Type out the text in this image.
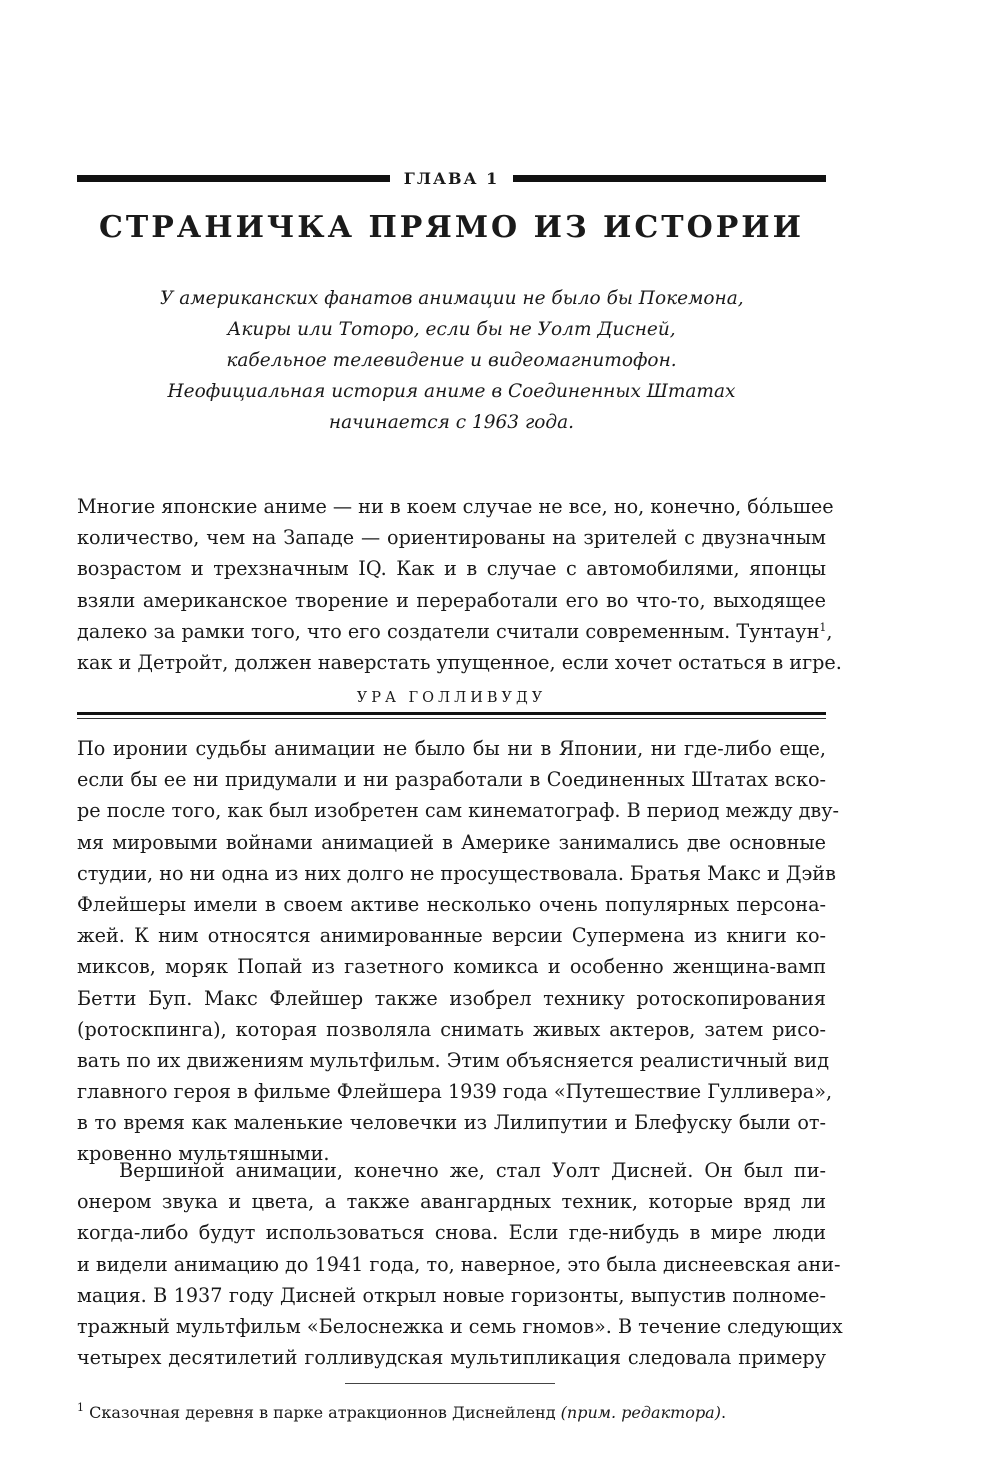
ГЛАВА 1
СТРАНИЧКА ПРЯМО ИЗ ИСТОРИИ
У американских фанатов анимации не было бы Покемона,
Акиры или Тоторо, если бы не Уолт Дисней,
кабельное телевидение и видеомагнитофон.
Неофициальная история аниме в Соединенных Штатах
начинается с 1963 года.
Многие японские аниме — ни в коем случае не все, но, конечно, бóльшее
количество, чем на Западе — ориентированы на зрителей с двузначным
возрастом и трехзначным IQ. Как и в случае с автомобилями, японцы
взяли американское творение и переработали его во что-то, выходящее
далеко за рамки того, что его создатели считали современным. Тунтаун$^1$,
как и Детройт, должен наверстать упущенное, если хочет остаться в игре.
УРА ГОЛЛИВУДУ
По иронии судьбы анимации не было бы ни в Японии, ни где-либо еще,
если бы ее ни придумали и ни разработали в Соединенных Штатах вско-
ре после того, как был изобретен сам кинематограф. В период между дву-
мя мировыми войнами анимацией в Америке занимались две основные
студии, но ни одна из них долго не просуществовала. Братья Макс и Дэйв
Флейшеры имели в своем активе несколько очень популярных персона-
жей. К ним относятся анимированные версии Супермена из книги ко-
миксов, моряк Попай из газетного комикса и особенно женщина-вамп
Бетти Буп. Макс Флейшер также изобрел технику ротоскопирования
(ротоскпинга), которая позволяла снимать живых актеров, затем рисо-
вать по их движениям мультфильм. Этим объясняется реалистичный вид
главного героя в фильме Флейшера 1939 года «Путешествие Гулливера»,
в то время как маленькие человечки из Лилипутии и Блефуску были от-
кровенно мультяшными.
Вершиной анимации, конечно же, стал Уолт Дисней. Он был пи-
онером звука и цвета, а также авангардных техник, которые вряд ли
когда-либо будут использоваться снова. Если где-нибудь в мире люди
и видели анимацию до 1941 года, то, наверное, это была диснеевская ани-
мация. В 1937 году Дисней открыл новые горизонты, выпустив полноме-
тражный мультфильм «Белоснежка и семь гномов». В течение следующих
четырех десятилетий голливудская мультипликация следовала примеру
$^1$ Сказочная деревня в парке атракционнов Диснейленд (прим. редактора).
